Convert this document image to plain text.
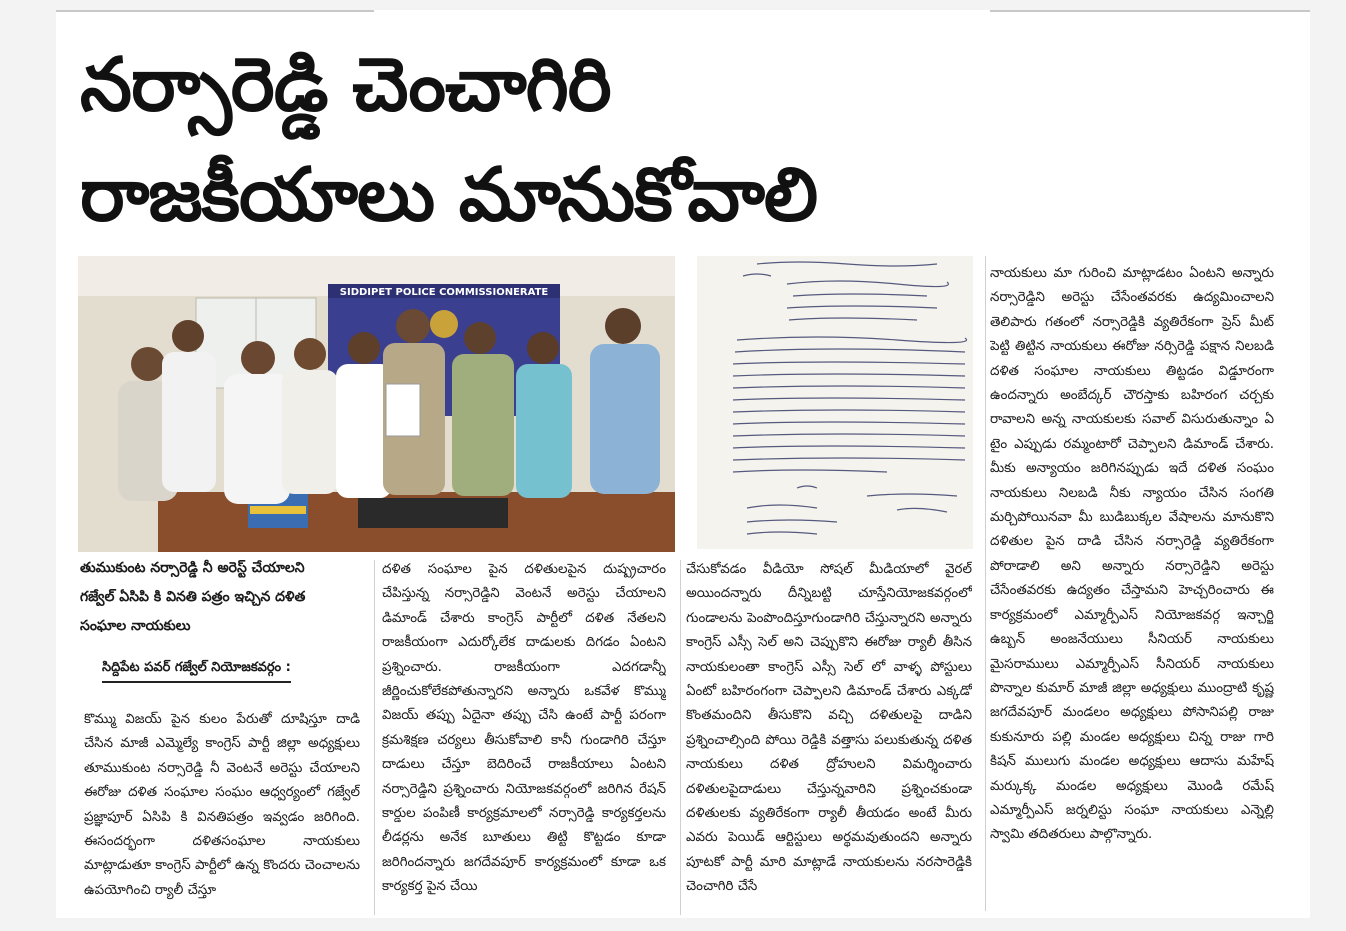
నర్సారెడ్డి చెంచాగిరి
రాజకీయాలు మానుకోవాలి
SIDDIPET POLICE COMMISSIONERATE
తుముకుంట నర్సారెడ్డి నీ అరెస్ట్ చేయాలని గజ్వేల్ ఏసిపి కి వినతి పత్రం ఇచ్చిన దళిత సంఘాల నాయకులు
సిద్దిపేట పవర్ గజ్వేల్ నియోజకవర్గం :

కొమ్ము విజయ్ పైన కులం పేరుతో దూషిస్తూ దాడి చేసిన మాజీ ఎమ్మెల్యే కాంగ్రెస్ పార్టీ జిల్లా అధ్యక్షులు తూముకుంట నర్సారెడ్డి నీ వెంటనే అరెస్టు చేయాలని ఈరోజు దళిత సంఘాల సంఘం ఆధ్వర్యంలో గజ్వేల్ ప్రజ్ఞాపూర్ ఏసిపి కి వినతిపత్రం ఇవ్వడం జరిగింది. ఈసందర్భంగా దళితసంఘాల నాయకులు మాట్లాడుతూ కాంగ్రెస్ పార్టీలో ఉన్న కొందరు చెంచాలను ఉపయోగించి ర్యాలీ చేస్తూ

దళిత సంఘాల పైన దళితులపైన దుష్ప్రచారం చేపిస్తున్న నర్సారెడ్డిని వెంటనే అరెస్టు చేయాలని డిమాండ్ చేశారు కాంగ్రెస్ పార్టీలో దళిత నేతలని రాజకీయంగా ఎదుర్కోలేక దాడులకు దిగడం ఏంటని ప్రశ్నించారు. రాజకీయంగా ఎదగడాన్నీ జీర్ణించుకోలేకపోతున్నారని అన్నారు ఒకవేళ కొమ్ము విజయ్ తప్పు ఏదైనా తప్పు చేసి ఉంటే పార్టీ పరంగా క్రమశిక్షణ చర్యలు తీసుకోవాలి కానీ గుండాగిరి చేస్తూ దాడులు చేస్తూ బెదిరించే రాజకీయాలు ఏంటని నర్సారెడ్డిని ప్రశ్నించారు నియోజకవర్గంలో జరిగిన రేషన్ కార్డుల పంపిణీ కార్యక్రమాలలో నర్సారెడ్డి కార్యకర్తలను లీడర్లను అనేక బూతులు తిట్టి కొట్టడం కూడా జరిగిందన్నారు జగదేవపూర్ కార్యక్రమంలో కూడా ఒక కార్యకర్త పైన చేయి

చేసుకోవడం వీడియో సోషల్ మీడియాలో వైరల్ అయిందన్నారు దీన్నిబట్టి చూస్తేనియోజకవర్గంలో గుండాలను పెంపొందిస్తూగుండాగిరి చేస్తున్నారని అన్నారు కాంగ్రెస్ ఎస్సీ సెల్ అని చెప్పుకొని ఈరోజు ర్యాలీ తీసిన నాయకులంతా కాంగ్రెస్ ఎస్సీ సెల్ లో వాళ్ళ పోస్టులు ఏంటో బహిరంగంగా చెప్పాలని డిమాండ్ చేశారు ఎక్కడో కొంతమందిని తీసుకొని వచ్చి దళితులపై దాడిని ప్రశ్నించాల్సింది పోయి రెడ్డికి వత్తాసు పలుకుతున్న దళిత నాయకులు దళిత ద్రోహులని విమర్శించారు దళితులపైదాడులు చేస్తున్నవారిని ప్రశ్నించకుండా దళితులకు వ్యతిరేకంగా ర్యాలీ తీయడం అంటే మీరు ఎవరు పెయిడ్ ఆర్టిస్టులు అర్థమవుతుందని అన్నారు పూటకో పార్టీ మారి మాట్లాడే నాయకులను నరసారెడ్డికి చెంచాగిరి చేసే

నాయకులు మా గురించి మాట్లాడటం ఏంటని అన్నారు నర్సారెడ్డిని అరెస్టు చేసేంతవరకు ఉద్యమించాలని తెలిపారు గతంలో నర్సారెడ్డికి వ్యతిరేకంగా ప్రెస్ మీట్ పెట్టి తిట్టిన నాయకులు ఈరోజు నర్సిరెడ్డి పక్షాన నిలబడి దళిత సంఘాల నాయకులు తిట్టడం విడ్డూరంగా ఉందన్నారు అంబేద్కర్ చౌరస్తాకు బహిరంగ చర్చకు రావాలని అన్న నాయకులకు సవాల్ విసురుతున్నాం ఏ టైం ఎప్పుడు రమ్మంటారో చెప్పాలని డిమాండ్ చేశారు. మీకు అన్యాయం జరిగినప్పుడు ఇదే దళిత సంఘం నాయకులు నిలబడి నీకు న్యాయం చేసిన సంగతి మర్చిపోయినవా మీ బుడిబుక్కల వేషాలను మానుకొని దళితుల పైన దాడి చేసిన నర్సారెడ్డి వ్యతిరేకంగా పోరాడాలి అని అన్నారు నర్సారెడ్డిని అరెస్టు చేసేంతవరకు ఉద్యతం చేస్తామని హెచ్చరించారు ఈ కార్యక్రమంలో ఎమ్మార్పీఎస్ నియోజకవర్గ ఇన్చార్జి ఉబ్బన్ అంజనేయులు సీనియర్ నాయకులు మైసరాములు ఎమ్మార్పీఎస్ సీనియర్ నాయకులు పొన్నాల కుమార్ మాజీ జిల్లా అధ్యక్షులు ముంద్రాటి కృష్ణ జగదేవపూర్ మండలం అధ్యక్షులు పోసానిపల్లి రాజు కుకునూరు పల్లి మండల అధ్యక్షులు చిన్న రాజు గారి కిషన్ ములుగు మండల అధ్యక్షులు ఆదాసు మహేష్ మర్కుక్క మండల అధ్యక్షులు మొండి రమేష్ ఎమ్మార్పీఎస్ జర్నలిస్టు సంఘా నాయకులు ఎన్నెల్లి స్వామి తదితరులు పాల్గొన్నారు.
